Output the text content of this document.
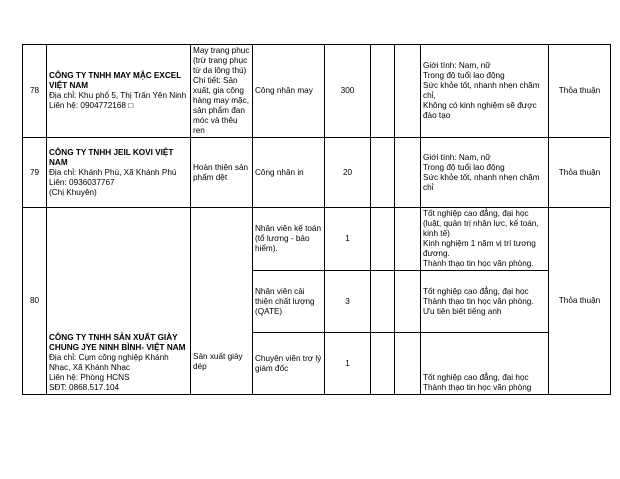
78	CÔNG TY TNHH MAY MẶC EXCEL VIỆT NAM
Địa chỉ: Khu phố 5, Thị Trấn Yên Ninh
Liên hệ: 0904772168 □	May trang phục (trừ trang phục từ da lông thú) Chi tiết: Sản xuất, gia công hàng may mặc, sản phẩm đan móc và thêu ren	Công nhân may	300			Giới tính: Nam, nữ
Trong độ tuổi lao động
Sức khỏe tốt, nhanh nhẹn chăm chỉ,
Không có kinh nghiệm sẽ được đào tạo	Thỏa thuận
79	CÔNG TY TNHH JEIL KOVI VIỆT NAM
Địa chỉ: Khánh Phú, Xã Khánh Phú
Liên: 0936037767
(Chị Khuyên)	Hoàn thiện sản phẩm dệt	Công nhân in	20			Giới tính: Nam, nữ
Trong độ tuổi lao động
Sức khỏe tốt, nhanh nhẹn chăm chỉ	Thỏa thuận
80	CÔNG TY TNHH SẢN XUẤT GIÀY CHUNG JYE NINH BÌNH- VIỆT NAM
Địa chỉ: Cụm công nghiệp Khánh Nhạc, Xã Khánh Nhạc
Liên hệ: Phòng HCNS
SĐT: 0868.517.104	Sản xuất giày dép	Nhân viên kế toán (tổ lương - bảo hiểm).	1			Tốt nghiệp cao đẳng, đại học (luật, quản trị nhân lực, kế toán, kinh tế)
Kinh nghiệm 1 năm vị trí tương đương.
Thành thạo tin học văn phòng.	Thỏa thuận
			Nhân viên cải thiện chất lượng (QATE)	3			Tốt nghiệp cao đẳng, đại học
Thành thạo tin học văn phòng.
Ưu tiên biết tiếng anh	

			Chuyên viên trợ lý giám đốc	1			Tốt nghiệp cao đẳng, đại học
Thành thạo tin học văn phòng	
